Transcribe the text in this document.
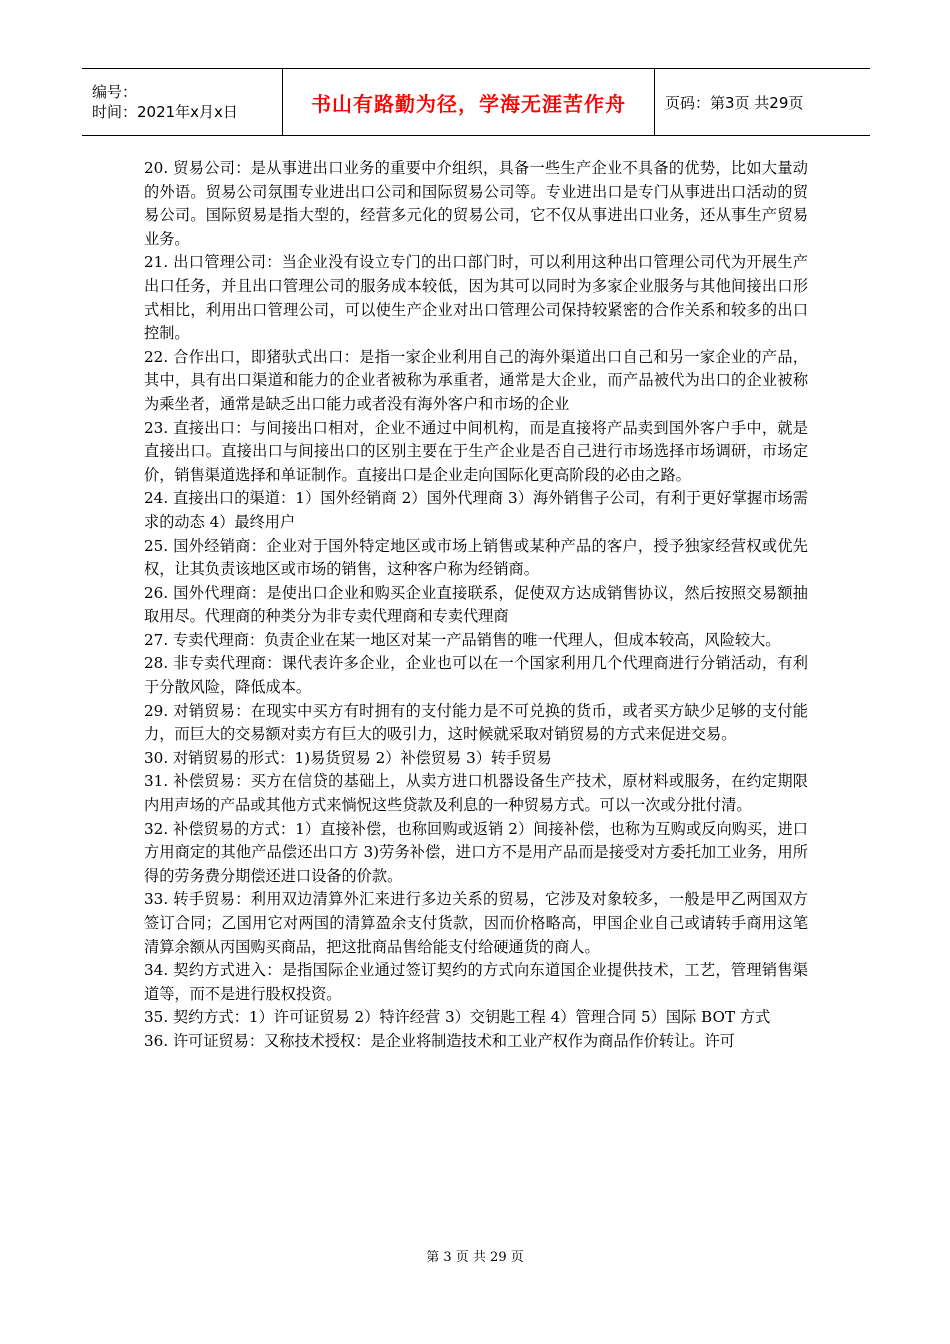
编号：
时间：2021年x月x日	书山有路勤为径，学海无涯苦作舟	页码：第3页 共29页

20. 贸易公司：是从事进出口业务的重要中介组织，具备一些生产企业不具备的优势，比如大量动的外语。贸易公司氛围专业进出口公司和国际贸易公司等。专业进出口是专门从事进出口活动的贸易公司。国际贸易是指大型的，经营多元化的贸易公司，它不仅从事进出口业务，还从事生产贸易业务。

21. 出口管理公司：当企业没有设立专门的出口部门时，可以利用这种出口管理公司代为开展生产出口任务，并且出口管理公司的服务成本较低，因为其可以同时为多家企业服务与其他间接出口形式相比，利用出口管理公司，可以使生产企业对出口管理公司保持较紧密的合作关系和较多的出口控制。

22. 合作出口，即猪驮式出口：是指一家企业利用自己的海外渠道出口自己和另一家企业的产品，其中，具有出口渠道和能力的企业者被称为承重者，通常是大企业，而产品被代为出口的企业被称为乘坐者，通常是缺乏出口能力或者没有海外客户和市场的企业

23. 直接出口：与间接出口相对，企业不通过中间机构，而是直接将产品卖到国外客户手中，就是直接出口。直接出口与间接出口的区别主要在于生产企业是否自己进行市场选择市场调研，市场定价，销售渠道选择和单证制作。直接出口是企业走向国际化更高阶段的必由之路。

24. 直接出口的渠道：1）国外经销商 2）国外代理商 3）海外销售子公司，有利于更好掌握市场需求的动态 4）最终用户

25. 国外经销商：企业对于国外特定地区或市场上销售或某种产品的客户，授予独家经营权或优先权，让其负责该地区或市场的销售，这种客户称为经销商。

26. 国外代理商：是使出口企业和购买企业直接联系，促使双方达成销售协议，然后按照交易额抽取用尽。代理商的种类分为非专卖代理商和专卖代理商

27. 专卖代理商：负责企业在某一地区对某一产品销售的唯一代理人，但成本较高，风险较大。

28. 非专卖代理商：课代表许多企业，企业也可以在一个国家利用几个代理商进行分销活动，有利于分散风险，降低成本。

29. 对销贸易：在现实中买方有时拥有的支付能力是不可兑换的货币，或者买方缺少足够的支付能力，而巨大的交易额对卖方有巨大的吸引力，这时候就采取对销贸易的方式来促进交易。

30. 对销贸易的形式：1)易货贸易 2）补偿贸易 3）转手贸易

31. 补偿贸易：买方在信贷的基础上，从卖方进口机器设备生产技术，原材料或服务，在约定期限内用声场的产品或其他方式来惝怳这些贷款及利息的一种贸易方式。可以一次或分批付清。

32. 补偿贸易的方式：1）直接补偿，也称回购或返销 2）间接补偿，也称为互购或反向购买，进口方用商定的其他产品偿还出口方 3)劳务补偿，进口方不是用产品而是接受对方委托加工业务，用所得的劳务费分期偿还进口设备的价款。

33. 转手贸易：利用双边清算外汇来进行多边关系的贸易，它涉及对象较多，一般是甲乙两国双方签订合同；乙国用它对两国的清算盈余支付货款，因而价格略高，甲国企业自己或请转手商用这笔清算余额从丙国购买商品，把这批商品售给能支付给硬通货的商人。

34. 契约方式进入：是指国际企业通过签订契约的方式向东道国企业提供技术，工艺，管理销售渠道等，而不是进行股权投资。

35. 契约方式：1）许可证贸易 2）特许经营 3）交钥匙工程 4）管理合同 5）国际 BOT 方式

36. 许可证贸易：又称技术授权：是企业将制造技术和工业产权作为商品作价转让。许可

第 3 页 共 29 页
